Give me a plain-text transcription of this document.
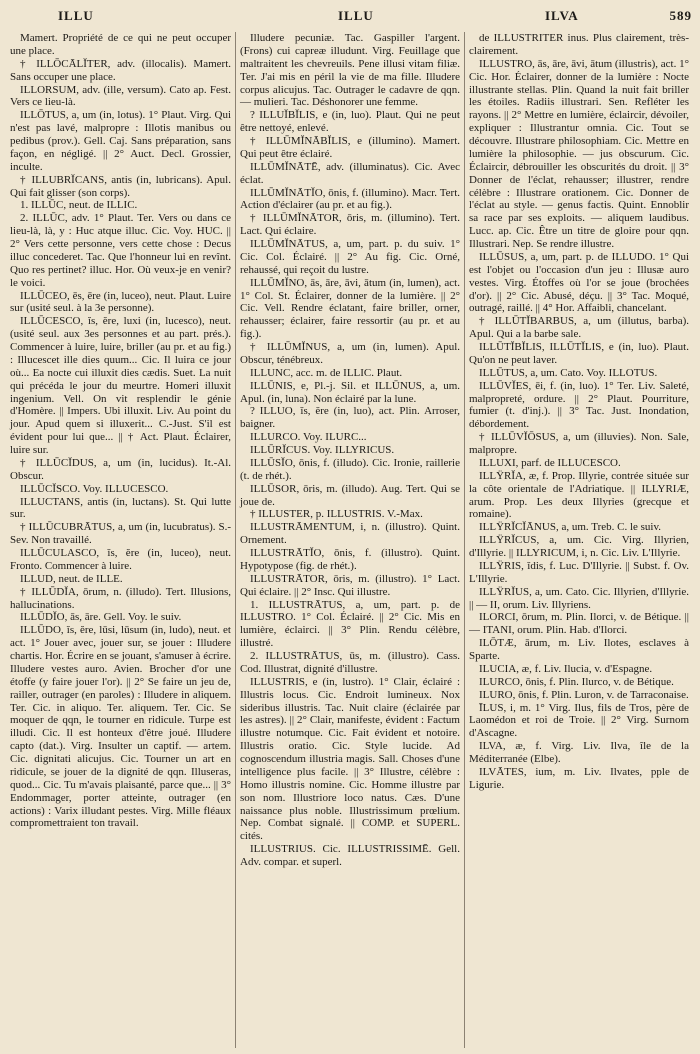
ILLU	ILLU	ILVA	589

Mamert. Propriété de ce qui ne peut occuper une place.

† ILLŌCĀLĬTER, adv. (illocalis). Mamert. Sans occuper une place.

ILLORSUM, adv. (ille, versum). Cato ap. Fest. Vers ce lieu-là.

ILLŌTUS, a, um (in, lotus). 1° Plaut. Virg. Qui n'est pas lavé, malpropre : Illotis manibus ou pedibus (prov.). Gell. Caj. Sans préparation, sans façon, en négligé. || 2° Auct. Decl. Grossier, inculte.

† ILLUBRĬCANS, antis (in, lubricans). Apul. Qui fait glisser (son corps).

1. ILLŪC, neut. de ILLIC.

2. ILLŪC, adv. 1° Plaut. Ter. Vers ou dans ce lieu-là, là, y : Huc atque illuc. Cic. Voy. HUC. || 2° Vers cette personne, vers cette chose : Decus illuc concederet. Tac. Que l'honneur lui en revînt. Quo res pertinet? illuc. Hor. Où veux-je en venir? le voici.

ILLŪCEO, ēs, ēre (in, luceo), neut. Plaut. Luire sur (usité seul. à la 3e personne).

ILLŪCESCO, ĭs, ĕre, luxi (in, lucesco), neut. (usité seul. aux 3es personnes et au part. prés.). Commencer à luire, luire, briller (au pr. et au fig.) : Illucescet ille dies quum... Cic. Il luira ce jour où... Ea nocte cui illuxit dies cædis. Suet. La nuit qui précéda le jour du meurtre. Homeri illuxit ingenium. Vell. On vit resplendir le génie d'Homère. || Impers. Ubi illuxit. Liv. Au point du jour. Apud quem si illuxerit... C.-Just. S'il est évident pour lui que... || † Act. Plaut. Éclairer, luire sur.

† ILLŪCĬDUS, a, um (in, lucidus). It.-Al. Obscur.

ILLŪCĬSCO. Voy. ILLUCESCO.

ILLUCTANS, antis (in, luctans). St. Qui lutte sur.

† ILLŪCUBRĀTUS, a, um (in, lucubratus). S.-Sev. Non travaillé.

ILLŪCULASCO, ĭs, ĕre (in, luceo), neut. Fronto. Commencer à luire.

ILLUD, neut. de ILLE.

† ILLŪDĬA, ōrum, n. (illudo). Tert. Illusions, hallucinations.

ILLŪDĬO, ās, āre. Gell. Voy. le suiv.

ILLŪDO, ĭs, ĕre, lūsi, lūsum (in, ludo), neut. et act. 1° Jouer avec, jouer sur, se jouer : Illudere chartis. Hor. Écrire en se jouant, s'amuser à écrire. Illudere vestes auro. Avien. Brocher d'or une étoffe (y faire jouer l'or). || 2° Se faire un jeu de, railler, outrager (en paroles) : Illudere in aliquem. Ter. Cic. in aliquo. Ter. aliquem. Ter. Cic. Se moquer de qqn, le tourner en ridicule. Turpe est illudi. Cic. Il est honteux d'être joué. Illudere capto (dat.). Virg. Insulter un captif. — artem. Cic. dignitati alicujus. Cic. Tourner un art en ridicule, se jouer de la dignité de qqn. Illuseras, quod... Cic. Tu m'avais plaisanté, parce que... || 3° Endommager, porter atteinte, outrager (en actions) : Varix illudant pestes. Virg. Mille fléaux compromettraient ton travail.

Illudere pecuniæ. Tac. Gaspiller l'argent. (Frons) cui capreæ illudunt. Virg. Feuillage que maltraitent les chevreuils. Pene illusi vitam filiæ. Ter. J'ai mis en péril la vie de ma fille. Illudere corpus alicujus. Tac. Outrager le cadavre de qqn. — mulieri. Tac. Déshonorer une femme.

? ILLUĬBĬLIS, e (in, luo). Plaut. Qui ne peut être nettoyé, enlevé.

† ILLŪMĬNĀBĬLIS, e (illumino). Mamert. Qui peut être éclairé.

ILLŪMĬNĀTĒ, adv. (illuminatus). Cic. Avec éclat.

ILLŪMĬNĀTĬO, ōnis, f. (illumino). Macr. Tert. Action d'éclairer (au pr. et au fig.).

† ILLŪMĬNĀTOR, ōris, m. (illumino). Tert. Lact. Qui éclaire.

ILLŪMĬNĀTUS, a, um, part. p. du suiv. 1° Cic. Col. Éclairé. || 2° Au fig. Cic. Orné, rehaussé, qui reçoit du lustre.

ILLŪMĬNO, ās, āre, āvi, ātum (in, lumen), act. 1° Col. St. Éclairer, donner de la lumière. || 2° Cic. Vell. Rendre éclatant, faire briller, orner, rehausser; éclairer, faire ressortir (au pr. et au fig.).

† ILLŪMĬNUS, a, um (in, lumen). Apul. Obscur, ténébreux.

ILLUNC, acc. m. de ILLIC. Plaut.

ILLŪNIS, e, Pl.-j. Sil. et ILLŪNUS, a, um. Apul. (in, luna). Non éclairé par la lune.

? ILLUO, ĭs, ĕre (in, luo), act. Plin. Arroser, baigner.

ILLURCO. Voy. ILURC...

ILLŪRĬCUS. Voy. ILLYRICUS.

ILLŪSĬO, ōnis, f. (illudo). Cic. Ironie, raillerie (t. de rhét.).

ILLŪSOR, ōris, m. (illudo). Aug. Tert. Qui se joue de.

† ILLUSTER, p. ILLUSTRIS. V.-Max.

ILLUSTRĀMENTUM, i, n. (illustro). Quint. Ornement.

ILLUSTRĀTĬO, ōnis, f. (illustro). Quint. Hypotypose (fig. de rhét.).

ILLUSTRĀTOR, ōris, m. (illustro). 1° Lact. Qui éclaire. || 2° Insc. Qui illustre.

1. ILLUSTRĀTUS, a, um, part. p. de ILLUSTRO. 1° Col. Éclairé. || 2° Cic. Mis en lumière, éclairci. || 3° Plin. Rendu célèbre, illustré.

2. ILLUSTRĀTUS, ūs, m. (illustro). Cass. Cod. Illustrat, dignité d'illustre.

ILLUSTRIS, e (in, lustro). 1° Clair, éclairé : Illustris locus. Cic. Endroit lumineux. Nox sideribus illustris. Tac. Nuit claire (éclairée par les astres). || 2° Clair, manifeste, évident : Factum illustre notumque. Cic. Fait évident et notoire. Illustris oratio. Cic. Style lucide. Ad cognoscendum illustria magis. Sall. Choses d'une intelligence plus facile. || 3° Illustre, célèbre : Homo illustris nomine. Cic. Homme illustre par son nom. Illustriore loco natus. Cæs. D'une naissance plus noble. Illustrissimum prœlium. Nep. Combat signalé. || COMP. et SUPERL. cités.

ILLUSTRIUS. Cic. ILLUSTRISSIMĒ. Gell. Adv. compar. et superl.

de ILLUSTRITER inus. Plus clairement, très-clairement.

ILLUSTRO, ās, āre, āvi, ātum (illustris), act. 1° Cic. Hor. Éclairer, donner de la lumière : Nocte illustrante stellas. Plin. Quand la nuit fait briller les étoiles. Radiis illustrari. Sen. Refléter les rayons. || 2° Mettre en lumière, éclaircir, dévoiler, expliquer : Illustrantur omnia. Cic. Tout se découvre. Illustrare philosophiam. Cic. Mettre en lumière la philosophie. — jus obscurum. Cic. Éclaircir, débrouiller les obscurités du droit. || 3° Donner de l'éclat, rehausser; illustrer, rendre célèbre : Illustrare orationem. Cic. Donner de l'éclat au style. — genus factis. Quint. Ennoblir sa race par ses exploits. — aliquem laudibus. Lucc. ap. Cic. Être un titre de gloire pour qqn. Illustrari. Nep. Se rendre illustre.

ILLŪSUS, a, um, part. p. de ILLUDO. 1° Qui est l'objet ou l'occasion d'un jeu : Illusæ auro vestes. Virg. Étoffes où l'or se joue (brochées d'or). || 2° Cic. Abusé, déçu. || 3° Tac. Moqué, outragé, raillé. || 4° Hor. Affaibli, chancelant.

† ILLŪTĬBARBUS, a, um (illutus, barba). Apul. Qui a la barbe sale.

ILLŪTĬBĬLIS, ILLŪTĬLIS, e (in, luo). Plaut. Qu'on ne peut laver.

ILLŪTUS, a, um. Cato. Voy. ILLOTUS.

ILLŪVĬES, ēi, f. (in, luo). 1° Ter. Liv. Saleté, malpropreté, ordure. || 2° Plaut. Pourriture, fumier (t. d'inj.). || 3° Tac. Just. Inondation, débordement.

† ILLŪVĬŌSUS, a, um (illuvies). Non. Sale, malpropre.

ILLUXI, parf. de ILLUCESCO.

ILLŸRĬA, æ, f. Prop. Illyrie, contrée située sur la côte orientale de l'Adriatique. || ILLYRIÆ, arum. Prop. Les deux Illyries (grecque et romaine).

ILLŸRĬCĬĀNUS, a, um. Treb. C. le suiv.

ILLŸRĬCUS, a, um. Cic. Virg. Illyrien, d'Illyrie. || ILLYRICUM, i, n. Cic. Liv. L'Illyrie.

ILLŸRIS, ĭdis, f. Luc. D'Illyrie. || Subst. f. Ov. L'Illyrie.

ILLŸRĬUS, a, um. Cato. Cic. Illyrien, d'Illyrie. || — II, orum. Liv. Illyriens.

ILORCI, ōrum, m. Plin. Ilorci, v. de Bétique. || — ITANI, orum. Plin. Hab. d'Ilorci.

ILŌTÆ, ārum, m. Liv. Ilotes, esclaves à Sparte.

ILUCIA, æ, f. Liv. Ilucia, v. d'Espagne.

ILURCO, ōnis, f. Plin. Ilurco, v. de Bétique.

ILURO, ōnis, f. Plin. Luron, v. de Tarraconaise.

ĪLUS, i, m. 1° Virg. Ilus, fils de Tros, père de Laomédon et roi de Troie. || 2° Virg. Surnom d'Ascagne.

ILVA, æ, f. Virg. Liv. Ilva, île de la Méditerranée (Elbe).

ILVĀTES, ium, m. Liv. Ilvates, pple de Ligurie.
